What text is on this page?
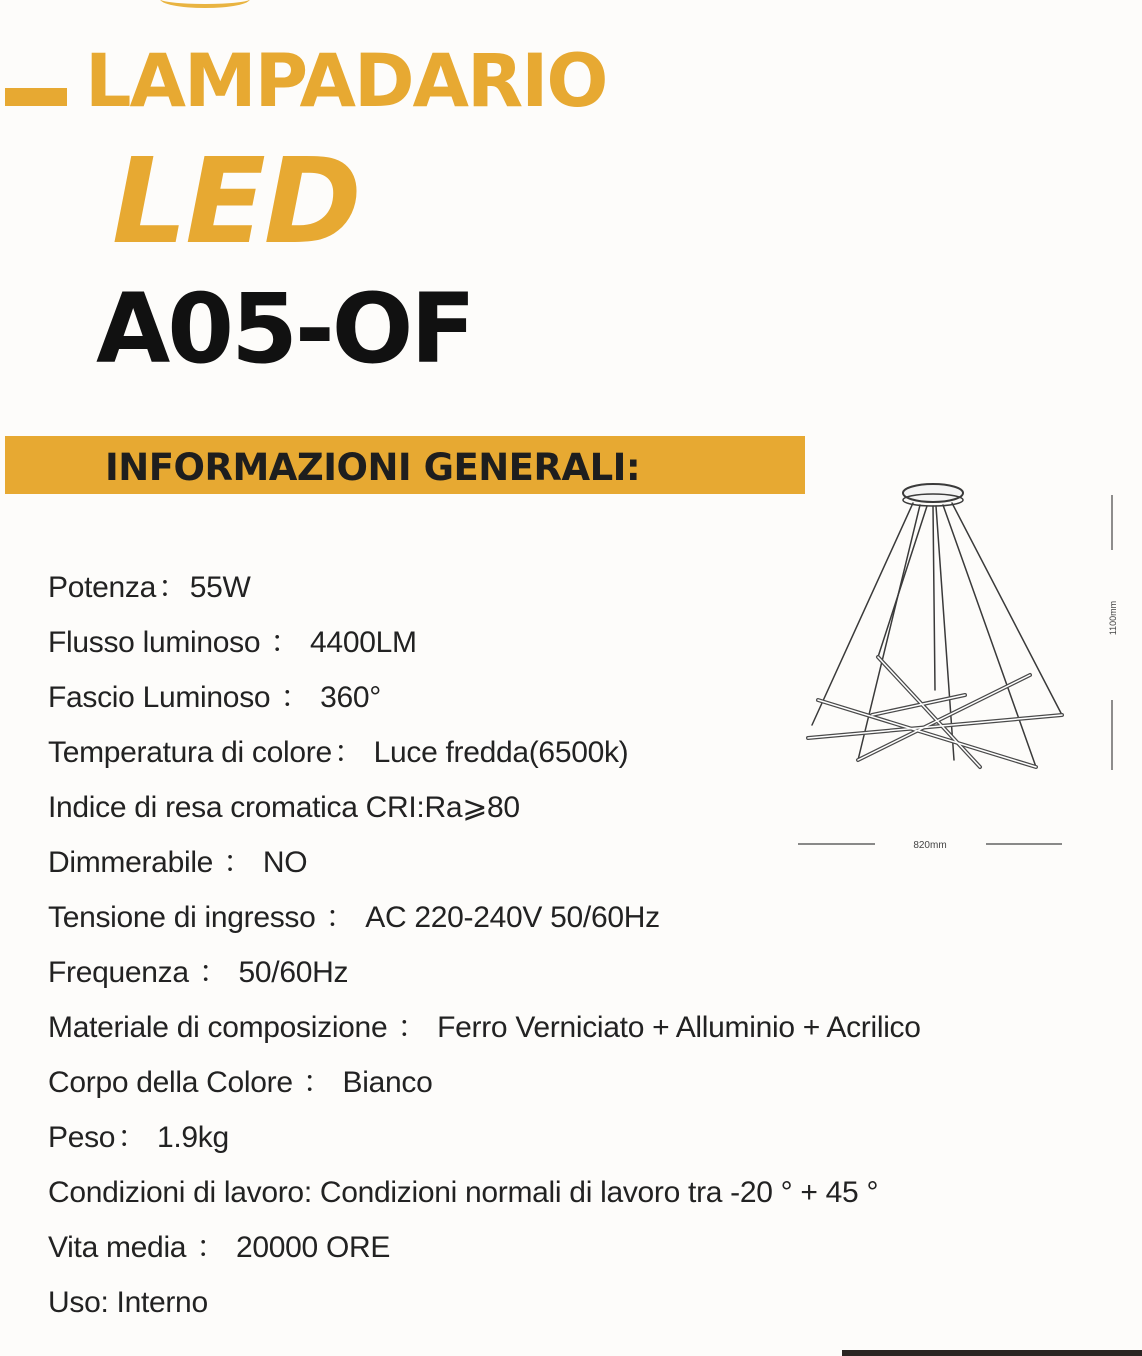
LAMPADARIO
LED
A05-OF
INFORMAZIONI GENERALI:
Potenza：55W
Flusso luminoso ： 4400LM
Fascio Luminoso ： 360°
Temperatura di colore： Luce fredda(6500k)
Indice di resa cromatica CRI:Ra⩾80
Dimmerabile ： NO
Tensione di ingresso ： AC 220-240V 50/60Hz
Frequenza ： 50/60Hz
Materiale di composizione ： Ferro Verniciato + Alluminio + Acrilico
Corpo della Colore ： Bianco
Peso： 1.9kg
Condizioni di lavoro: Condizioni normali di lavoro tra -20 ° + 45 °
Vita media ： 20000 ORE
Uso: Interno
1100mm
820mm
